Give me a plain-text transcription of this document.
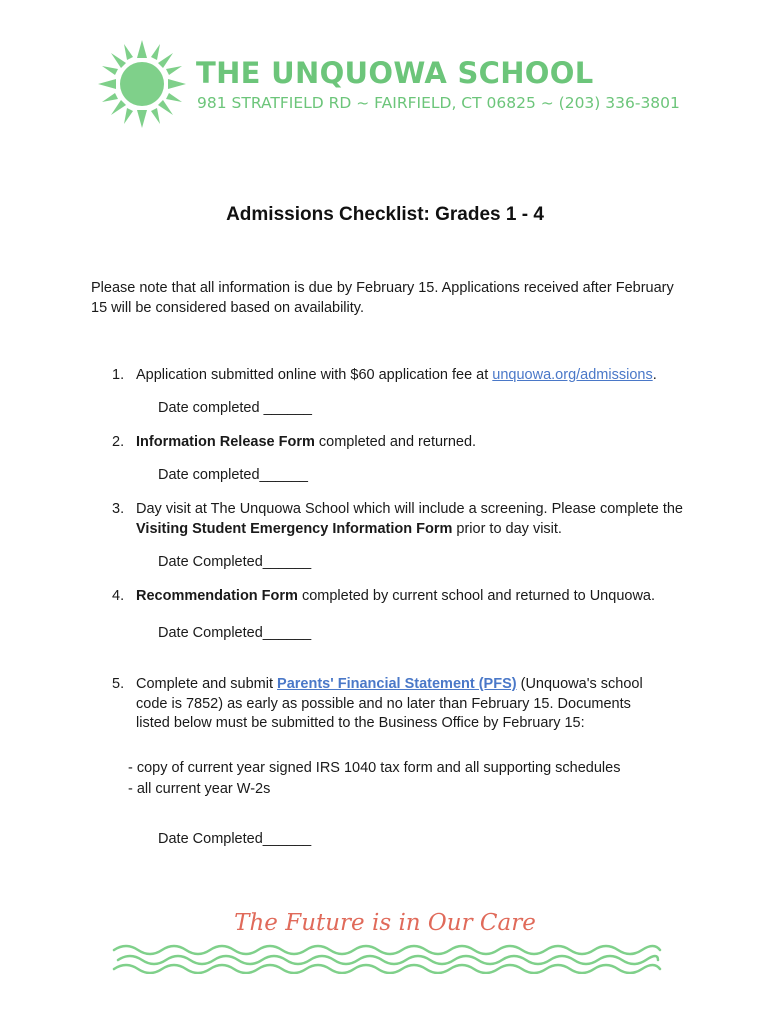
THE UNQUOWA SCHOOL
981 STRATFIELD RD ~ FAIRFIELD, CT 06825 ~ (203) 336-3801
Admissions Checklist: Grades 1 - 4
Please note that all information is due by February 15. Applications received after February 15 will be considered based on availability.
1. Application submitted online with $60 application fee at unquowa.org/admissions.
Date completed ______
2. Information Release Form completed and returned.
Date completed______
3. Day visit at The Unquowa School which will include a screening. Please complete the Visiting Student Emergency Information Form prior to day visit.
Date Completed______
4. Recommendation Form completed by current school and returned to Unquowa.
Date Completed______
5. Complete and submit Parents' Financial Statement (PFS) (Unquowa's school code is 7852) as early as possible and no later than February 15. Documents listed below must be submitted to the Business Office by February 15:
- copy of current year signed IRS 1040 tax form and all supporting schedules
- all current year W-2s
Date Completed______
The Future is in Our Care
